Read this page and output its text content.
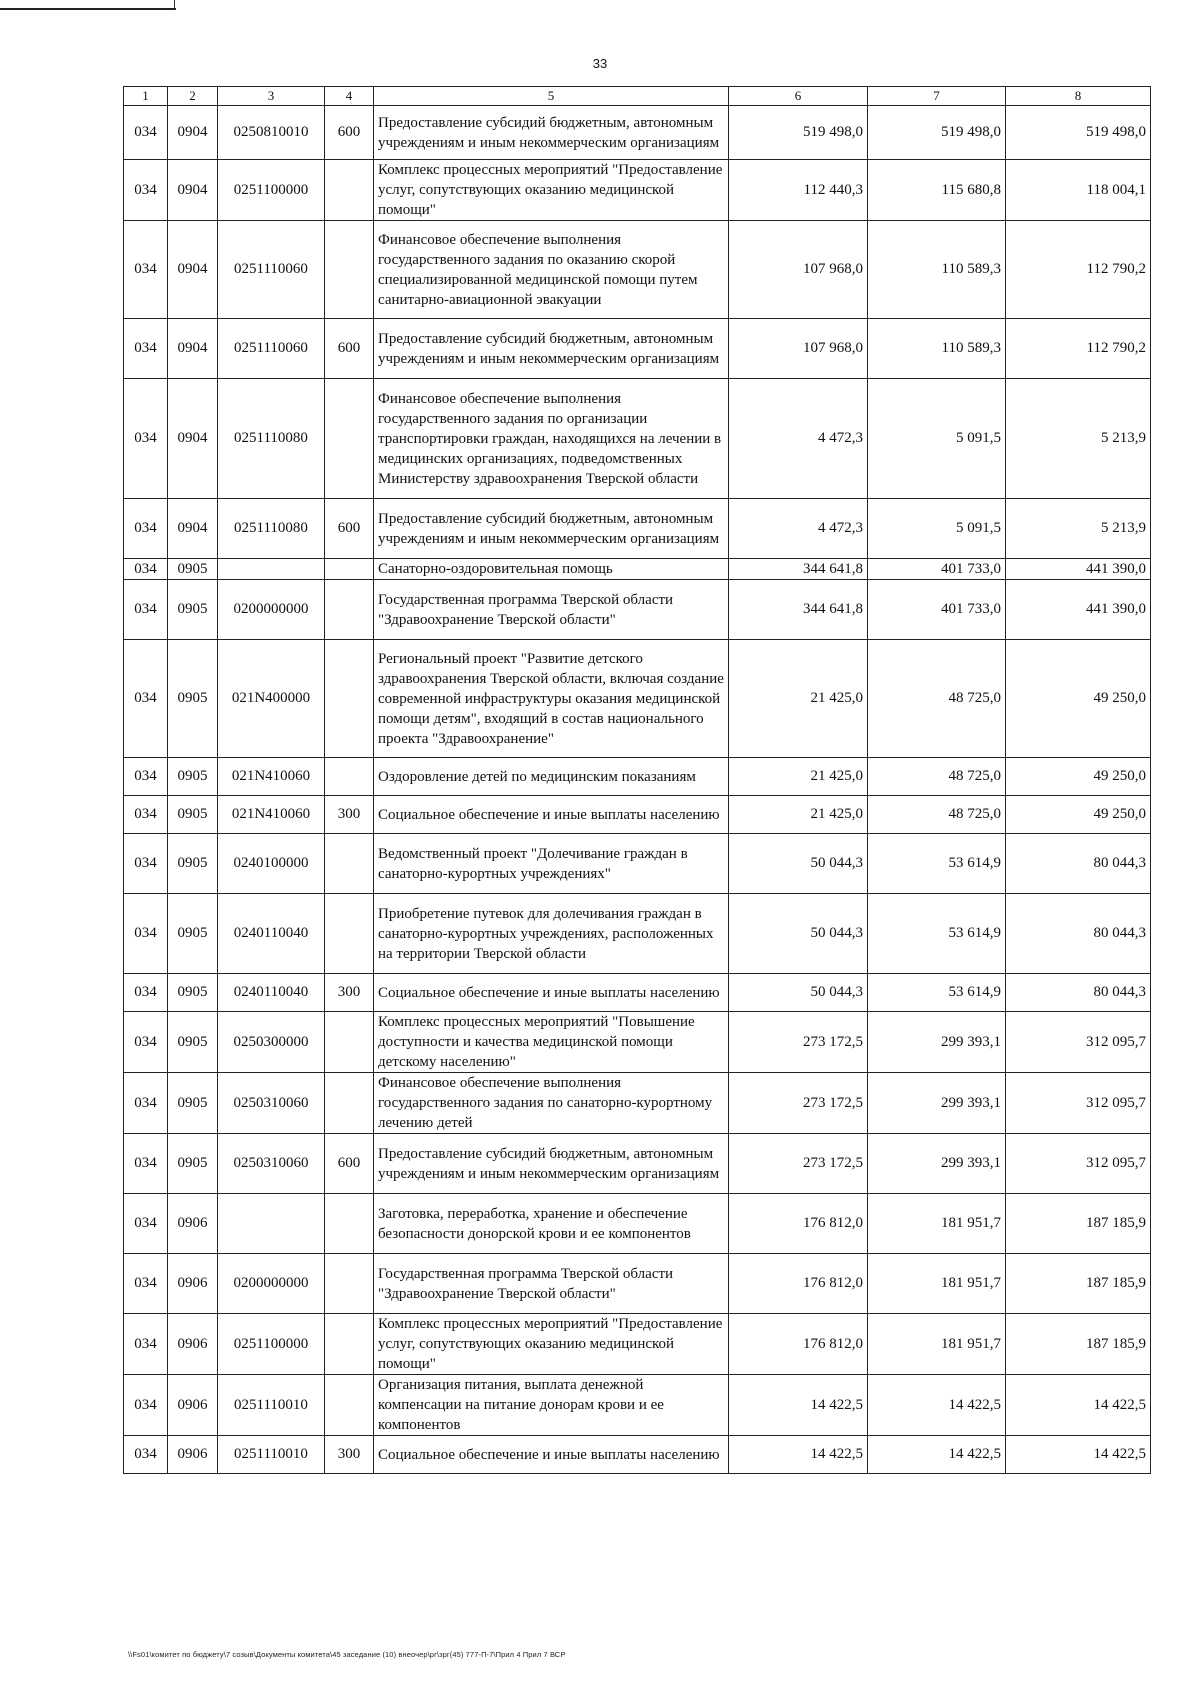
33
1	2	3	4	5	6	7	8
034	0904	0250810010	600	Предоставление субсидий бюджетным, автономным учреждениям и иным некоммерческим организациям	519 498,0	519 498,0	519 498,0
034	0904	0251100000		Комплекс процессных мероприятий "Предоставление услуг, сопутствующих оказанию медицинской помощи"	112 440,3	115 680,8	118 004,1
034	0904	0251110060		Финансовое обеспечение выполнения государственного задания по оказанию скорой специализированной медицинской помощи путем санитарно-авиационной эвакуации	107 968,0	110 589,3	112 790,2
034	0904	0251110060	600	Предоставление субсидий бюджетным, автономным учреждениям и иным некоммерческим организациям	107 968,0	110 589,3	112 790,2
034	0904	0251110080		Финансовое обеспечение выполнения государственного задания по организации транспортировки граждан, находящихся на лечении в медицинских организациях, подведомственных Министерству здравоохранения Тверской области	4 472,3	5 091,5	5 213,9
034	0904	0251110080	600	Предоставление субсидий бюджетным, автономным учреждениям и иным некоммерческим организациям	4 472,3	5 091,5	5 213,9
034	0905			Санаторно-оздоровительная помощь	344 641,8	401 733,0	441 390,0
034	0905	0200000000		Государственная программа Тверской области "Здравоохранение Тверской области"	344 641,8	401 733,0	441 390,0
034	0905	021N400000		Региональный проект "Развитие детского здравоохранения Тверской области, включая создание современной инфраструктуры оказания медицинской помощи детям", входящий в состав национального проекта "Здравоохранение"	21 425,0	48 725,0	49 250,0
034	0905	021N410060		Оздоровление детей по медицинским показаниям	21 425,0	48 725,0	49 250,0
034	0905	021N410060	300	Социальное обеспечение и иные выплаты населению	21 425,0	48 725,0	49 250,0
034	0905	0240100000		Ведомственный проект "Долечивание граждан в санаторно-курортных учреждениях"	50 044,3	53 614,9	80 044,3
034	0905	0240110040		Приобретение путевок для долечивания граждан в санаторно-курортных учреждениях, расположенных на территории Тверской области	50 044,3	53 614,9	80 044,3
034	0905	0240110040	300	Социальное обеспечение и иные выплаты населению	50 044,3	53 614,9	80 044,3
034	0905	0250300000		Комплекс процессных мероприятий "Повышение доступности и качества медицинской помощи детскому населению"	273 172,5	299 393,1	312 095,7
034	0905	0250310060		Финансовое обеспечение выполнения государственного задания по санаторно-курортному лечению детей	273 172,5	299 393,1	312 095,7
034	0905	0250310060	600	Предоставление субсидий бюджетным, автономным учреждениям и иным некоммерческим организациям	273 172,5	299 393,1	312 095,7
034	0906			Заготовка, переработка, хранение и обеспечение безопасности донорской крови и ее компонентов	176 812,0	181 951,7	187 185,9
034	0906	0200000000		Государственная программа Тверской области "Здравоохранение Тверской области"	176 812,0	181 951,7	187 185,9
034	0906	0251100000		Комплекс процессных мероприятий "Предоставление услуг, сопутствующих оказанию медицинской помощи"	176 812,0	181 951,7	187 185,9
034	0906	0251110010		Организация питания, выплата денежной компенсации на питание донорам крови и ее компонентов	14 422,5	14 422,5	14 422,5
034	0906	0251110010	300	Социальное обеспечение и иные выплаты населению	14 422,5	14 422,5	14 422,5
\\Fs01\комитет по бюджету\7 созыв\Документы комитета\45 заседание (10) внеочер\рг\зрг(45) 777-П-7\Прил 4 Прил 7 ВСР
